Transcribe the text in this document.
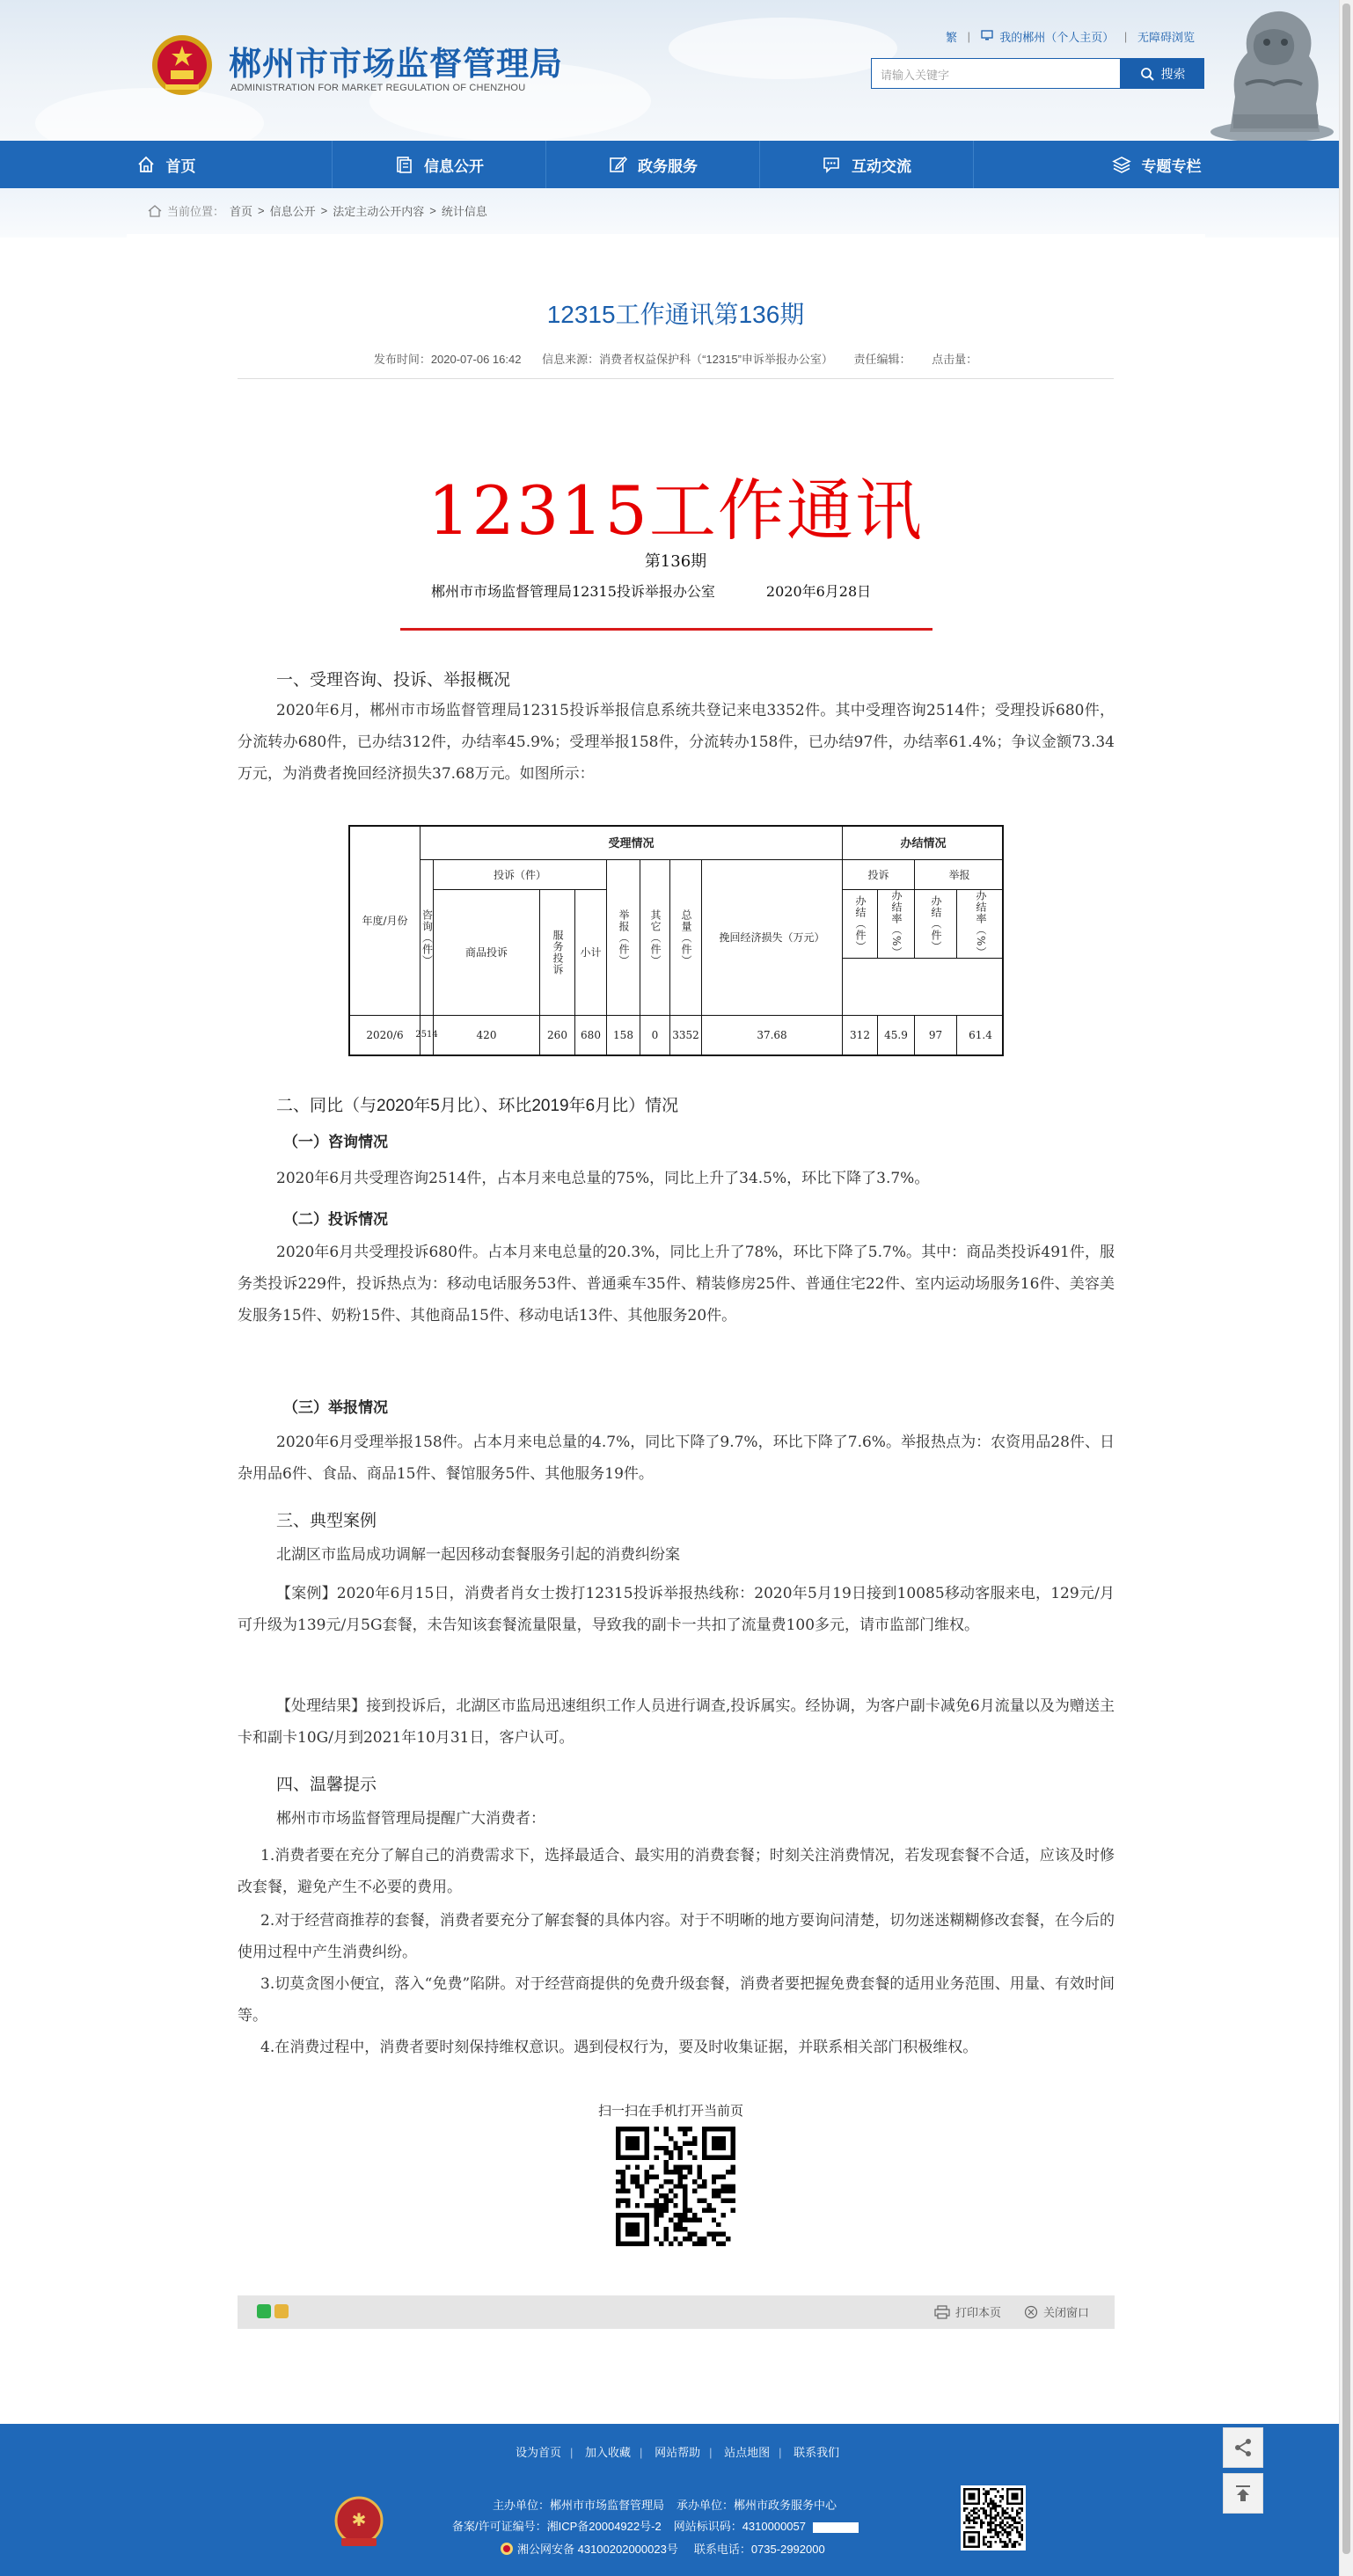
郴州市市场监督管理局
ADMINISTRATION FOR MARKET REGULATION OF CHENZHOU
繁 |	我的郴州（个人主页） | 无障碍浏览
请输入关键字	搜索
首页	信息公开	政务服务	互动交流	专题专栏
当前位置： 首页 > 信息公开 > 法定主动公开内容 > 统计信息
12315工作通讯第136期
发布时间：2020-07-06 16:42 信息来源：消费者权益保护科（“12315”申诉举报办公室） 责任编辑： 点击量：
12315工作通讯
第136期
郴州市市场监督管理局12315投诉举报办公室	2020年6月28日
一、受理咨询、投诉、举报概况
2020年6月，郴州市市场监督管理局12315投诉举报信息系统共登记来电3352件。其中受理咨询2514件；受理投诉680件，分流转办680件，已办结312件，办结率45.9%；受理举报158件，分流转办158件，已办结97件，办结率61.4%；争议金额73.34万元，为消费者挽回经济损失37.68万元。如图所示：
年度/月份
受理情况	办结情况
咨询（件）
投诉（件）
商品投诉	服务投诉	小计	举报（件）	其它（件）	总量（件）	挽回经济损失（万元）
投诉	举报
办结（件）	办结率（%）	办结（件）	办结率（%）
2020/6	2514	420	260	680	158	0	3352	37.68	312	45.9	97	61.4
二、同比（与2020年5月比）、环比2019年6月比）情况
（一）咨询情况
2020年6月共受理咨询2514件，占本月来电总量的75%，同比上升了34.5%，环比下降了3.7%。
（二）投诉情况
2020年6月共受理投诉680件。占本月来电总量的20.3%，同比上升了78%，环比下降了5.7%。其中：商品类投诉491件，服务类投诉229件，投诉热点为：移动电话服务53件、普通乘车35件、精装修房25件、普通住宅22件、室内运动场服务16件、美容美发服务15件、奶粉15件、其他商品15件、移动电话13件、其他服务20件。
（三）举报情况
2020年6月受理举报158件。占本月来电总量的4.7%，同比下降了9.7%，环比下降了7.6%。举报热点为：农资用品28件、日杂用品6件、食品、商品15件、餐馆服务5件、其他服务19件。
三、典型案例
北湖区市监局成功调解一起因移动套餐服务引起的消费纠纷案
【案例】2020年6月15日，消费者肖女士拨打12315投诉举报热线称：2020年5月19日接到10085移动客服来电，129元/月可升级为139元/月5G套餐，未告知该套餐流量限量，导致我的副卡一共扣了流量费100多元，请市监部门维权。
【处理结果】接到投诉后，北湖区市监局迅速组织工作人员进行调查,投诉属实。经协调，为客户副卡减免6月流量以及为赠送主卡和副卡10G/月到2021年10月31日，客户认可。
四、温馨提示
郴州市市场监督管理局提醒广大消费者：
1.消费者要在充分了解自己的消费需求下，选择最适合、最实用的消费套餐；时刻关注消费情况，若发现套餐不合适，应该及时修改套餐，避免产生不必要的费用。
2.对于经营商推荐的套餐，消费者要充分了解套餐的具体内容。对于不明晰的地方要询问清楚，切勿迷迷糊糊修改套餐，在今后的使用过程中产生消费纠纷。
3.切莫贪图小便宜，落入“免费”陷阱。对于经营商提供的免费升级套餐，消费者要把握免费套餐的适用业务范围、用量、有效时间等。
4.在消费过程中，消费者要时刻保持维权意识。遇到侵权行为，要及时收集证据，并联系相关部门积极维权。
扫一扫在手机打开当前页
打印本页	关闭窗口
设为首页 | 加入收藏 | 网站帮助 | 站点地图 | 联系我们
✱
主办单位：郴州市市场监督管理局 承办单位：郴州市政务服务中心
备案/许可证编号：湘ICP备20004922号-2 网站标识码：4310000057
湘公网安备 43100202000023号 联系电话：0735-2992000
